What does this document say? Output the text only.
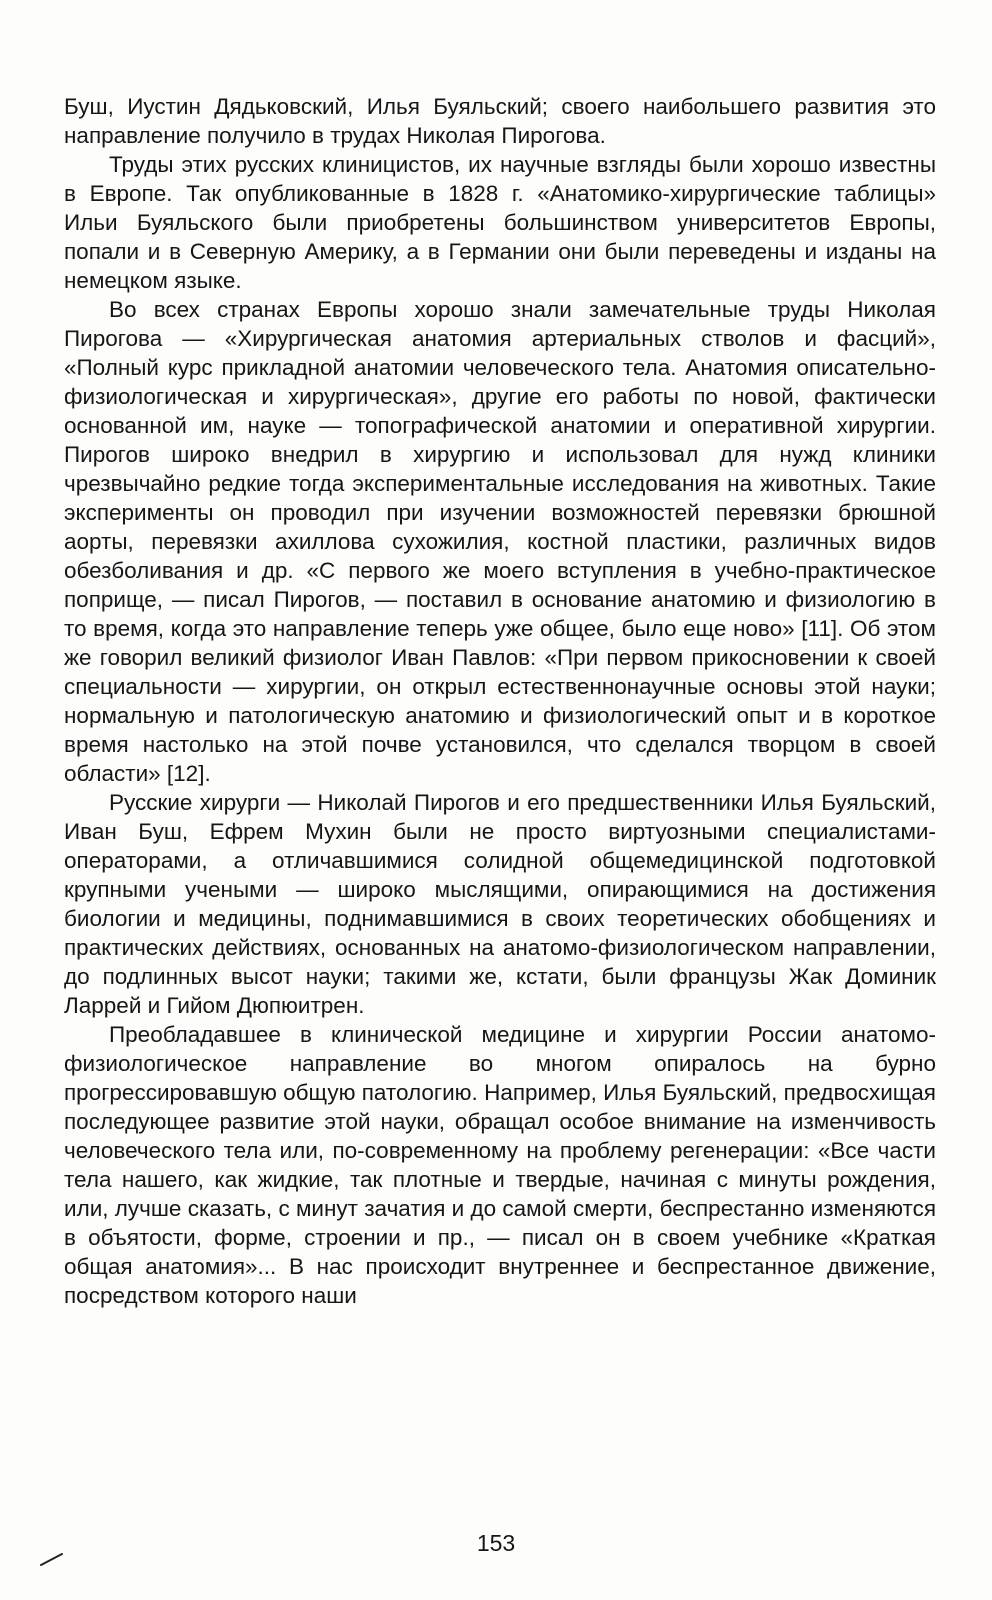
Буш, Иустин Дядьковский, Илья Буяльский; своего наибольшего развития это направление получило в трудах Николая Пирогова.

Труды этих русских клиницистов, их научные взгляды были хорошо известны в Европе. Так опубликованные в 1828 г. «Анатомико-хирургические таблицы» Ильи Буяльского были приобретены большинством университетов Европы, попали и в Северную Америку, а в Германии они были переведены и изданы на немецком языке.

Во всех странах Европы хорошо знали замечательные труды Николая Пирогова — «Хирургическая анатомия артериальных стволов и фасций», «Полный курс прикладной анатомии человеческого тела. Анатомия описательно-физиологическая и хирургическая», другие его работы по новой, фактически основанной им, науке — топографической анатомии и оперативной хирургии. Пирогов широко внедрил в хирургию и использовал для нужд клиники чрезвычайно редкие тогда экспериментальные исследования на животных. Такие эксперименты он проводил при изучении возможностей перевязки брюшной аорты, перевязки ахиллова сухожилия, костной пластики, различных видов обезболивания и др. «С первого же моего вступления в учебно-практическое поприще, — писал Пирогов, — поставил в основание анатомию и физиологию в то время, когда это направление теперь уже общее, было еще ново» [11]. Об этом же говорил великий физиолог Иван Павлов: «При первом прикосновении к своей специальности — хирургии, он открыл естественнонаучные основы этой науки; нормальную и патологическую анатомию и физиологический опыт и в короткое время настолько на этой почве установился, что сделался творцом в своей области» [12].

Русские хирурги — Николай Пирогов и его предшественники Илья Буяльский, Иван Буш, Ефрем Мухин были не просто виртуозными специалистами-операторами, а отличавшимися солидной общемедицинской подготовкой крупными учеными — широко мыслящими, опирающимися на достижения биологии и медицины, поднимавшимися в своих теоретических обобщениях и практических действиях, основанных на анатомо-физиологическом направлении, до подлинных высот науки; такими же, кстати, были французы Жак Доминик Ларрей и Гийом Дюпюитрен.

Преобладавшее в клинической медицине и хирургии России анатомо-физиологическое направление во многом опиралось на бурно прогрессировавшую общую патологию. Например, Илья Буяльский, предвосхищая последующее развитие этой науки, обращал особое внимание на изменчивость человеческого тела или, по-современному на проблему регенерации: «Все части тела нашего, как жидкие, так плотные и твердые, начиная с минуты рождения, или, лучше сказать, с минут зачатия и до самой смерти, беспрестанно изменяются в объятости, форме, строении и пр., — писал он в своем учебнике «Краткая общая анатомия»... В нас происходит внутреннее и беспрестанное движение, посредством которого наши

153
